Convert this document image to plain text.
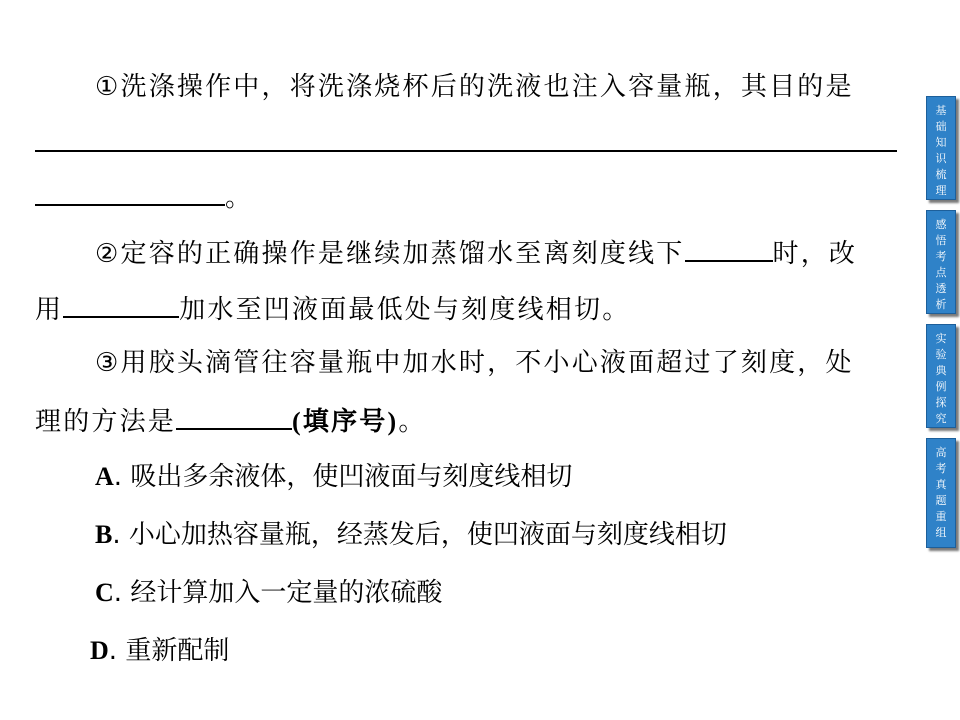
①洗涤操作中，将洗涤烧杯后的洗液也注入容量瓶，其目的是
。
②定容的正确操作是继续加蒸馏水至离刻度线下	时，改
用	加水至凹液面最低处与刻度线相切。
③用胶头滴管往容量瓶中加水时，不小心液面超过了刻度，处
理的方法是	(填序号)。
A. 吸出多余液体，使凹液面与刻度线相切
B. 小心加热容量瓶，经蒸发后，使凹液面与刻度线相切
C. 经计算加入一定量的浓硫酸
D. 重新配制
基础知识梳理
感悟考点透析
实验典例探究
高考真题重组
